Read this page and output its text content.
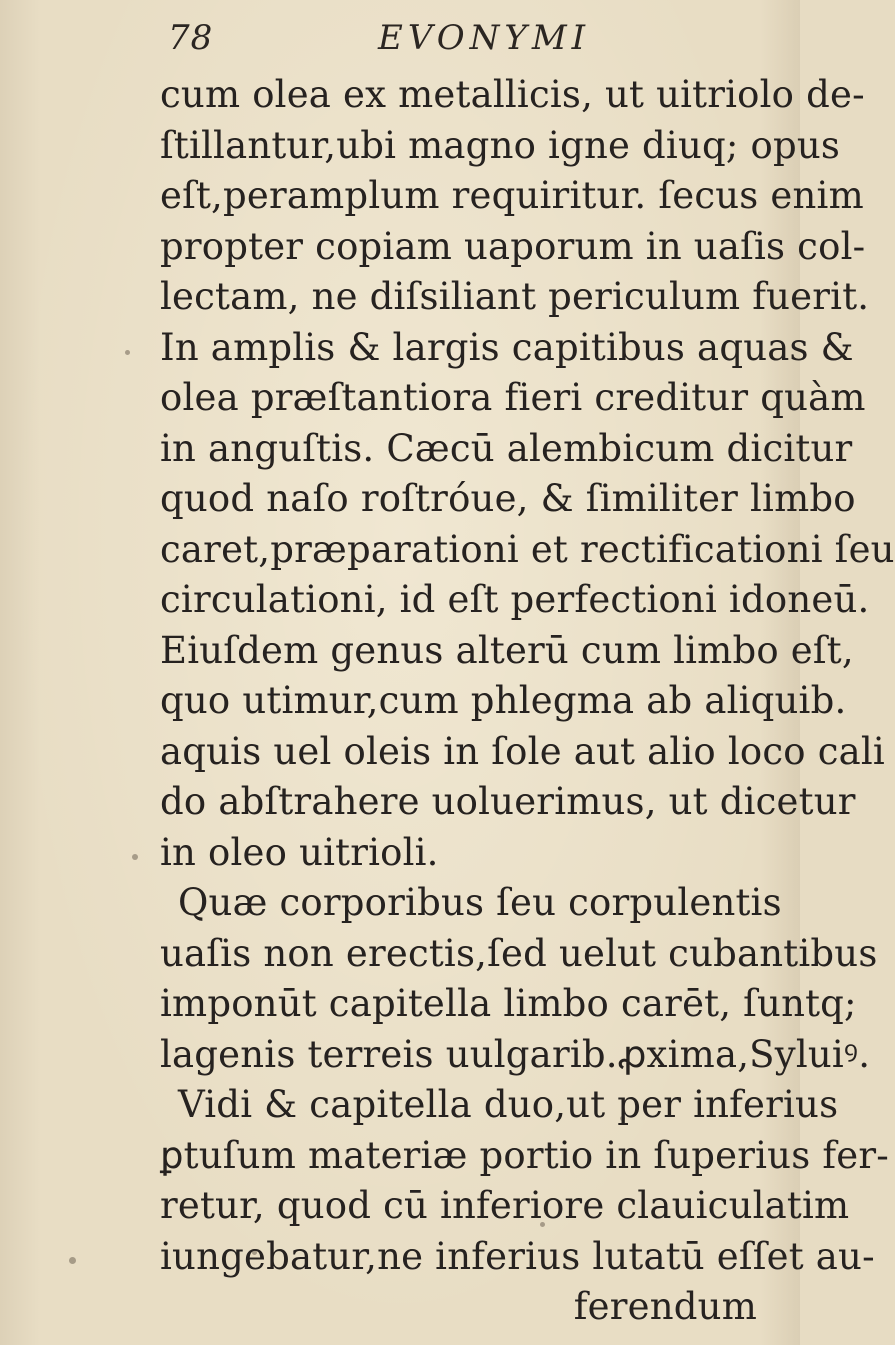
78	EVONYMI
cum olea ex metallicis, ut uitriolo de-
ſtillantur,ubi magno igne diuq; opus
eſt,peramplum requiritur. ſecus enim
propter copiam uaporum in uaſis col-
lectam, ne diſsiliant periculum fuerit.
In amplis & largis capitibus aquas &
olea præſtantiora fieri creditur quàm
in anguſtis. Cæcū alembicum dicitur
quod naſo roſtróue, & ſimiliter limbo
caret,præparationi et rectificationi ſeu
circulationi, id eſt perfectioni idoneū.
Eiuſdem genus alterū cum limbo eſt,
quo utimur,cum phlegma ab aliquib.
aquis uel oleis in ſole aut alio loco cali
do abſtrahere uoluerimus, ut dicetur
in oleo uitrioli.
Quæ corporibus ſeu corpulentis
uaſis non erectis,ſed uelut cubantibus
imponūt capitella limbo carēt, ſuntq;
lagenis terreis uulgarib.ꝓxima,Syluiꝰ.
Vidi & capitella duo,ut per inferius
ꝑtuſum materiæ portio in ſuperius fer-
retur, quod cū inferiore clauiculatim
iungebatur,ne inferius lutatū eſſet au-
ferendum
